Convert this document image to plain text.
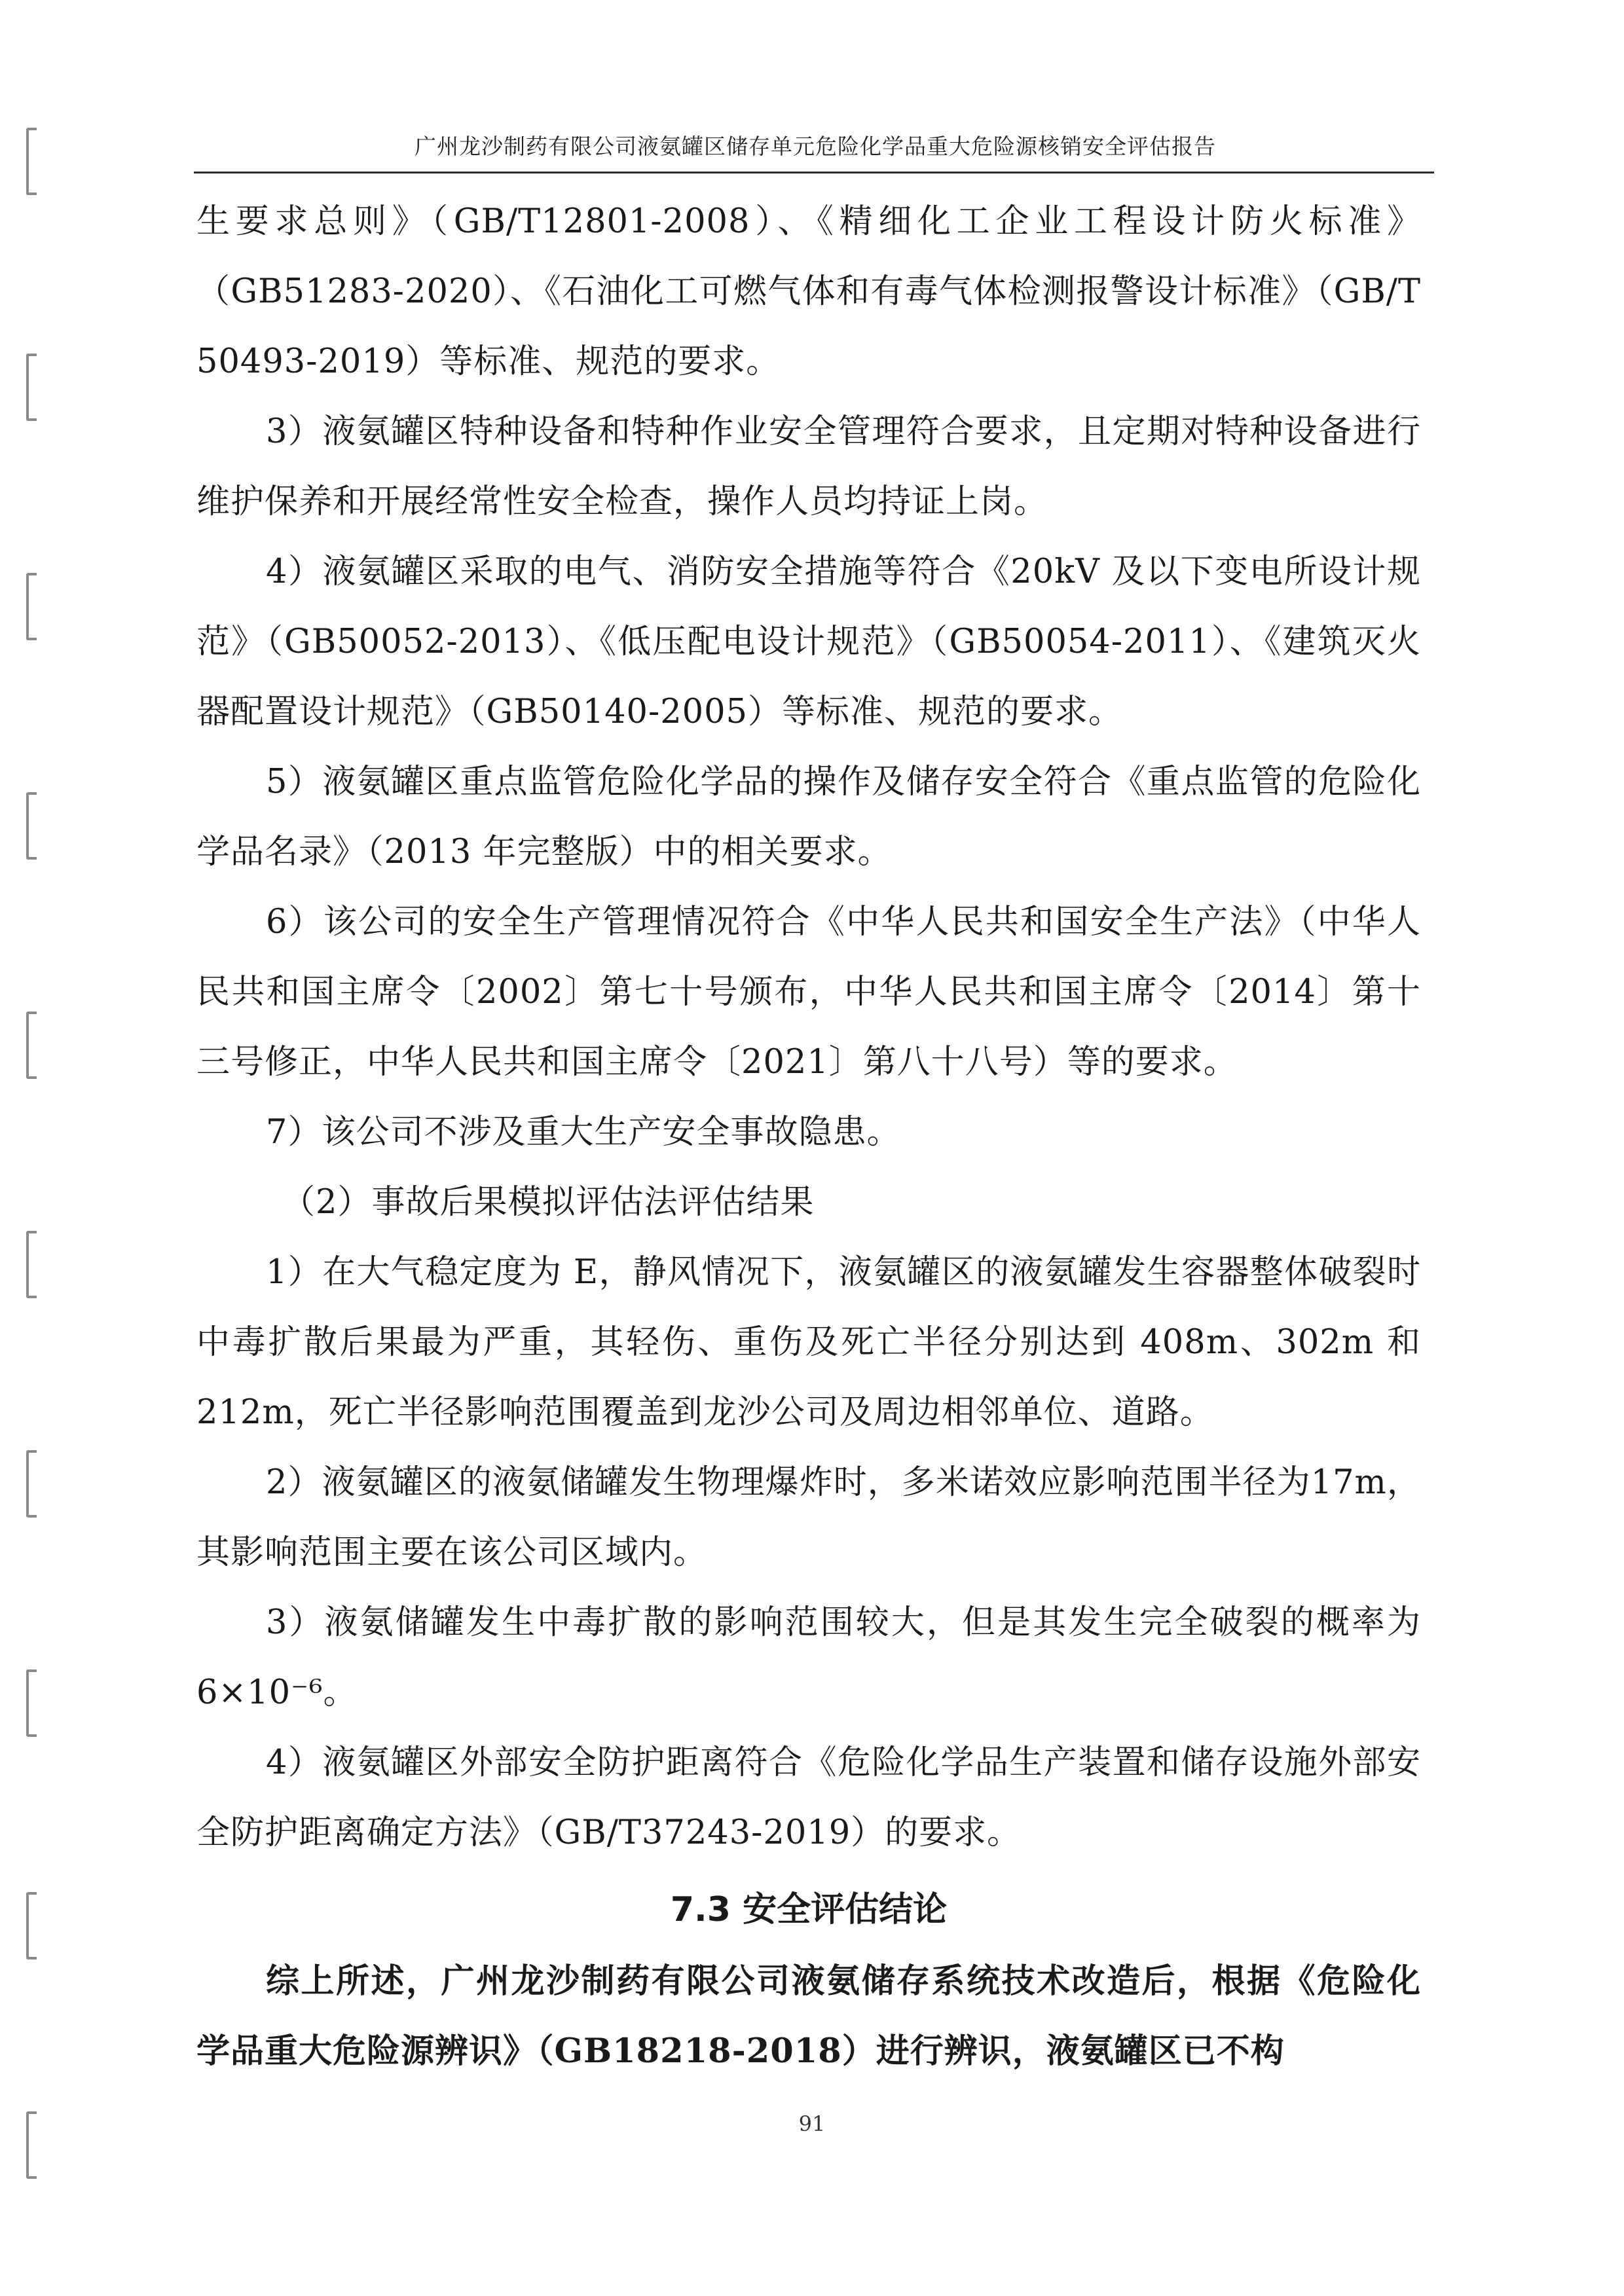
广州龙沙制药有限公司液氨罐区储存单元危险化学品重大危险源核销安全评估报告

生要求总则》（GB/T12801-2008）、《精细化工企业工程设计防火标准》（GB51283-2020）、《石油化工可燃气体和有毒气体检测报警设计标准》（GB/T 50493-2019）等标准、规范的要求。

3）液氨罐区特种设备和特种作业安全管理符合要求，且定期对特种设备进行维护保养和开展经常性安全检查，操作人员均持证上岗。

4）液氨罐区采取的电气、消防安全措施等符合《20kV 及以下变电所设计规范》（GB50052-2013）、《低压配电设计规范》（GB50054-2011）、《建筑灭火器配置设计规范》（GB50140-2005）等标准、规范的要求。

5）液氨罐区重点监管危险化学品的操作及储存安全符合《重点监管的危险化学品名录》（2013 年完整版）中的相关要求。

6）该公司的安全生产管理情况符合《中华人民共和国安全生产法》（中华人民共和国主席令〔2002〕第七十号颁布，中华人民共和国主席令〔2014〕第十三号修正，中华人民共和国主席令〔2021〕第八十八号）等的要求。

7）该公司不涉及重大生产安全事故隐患。

（2）事故后果模拟评估法评估结果

1）在大气稳定度为 E，静风情况下，液氨罐区的液氨罐发生容器整体破裂时中毒扩散后果最为严重，其轻伤、重伤及死亡半径分别达到 408m、302m 和 212m，死亡半径影响范围覆盖到龙沙公司及周边相邻单位、道路。

2）液氨罐区的液氨储罐发生物理爆炸时，多米诺效应影响范围半径为17m，其影响范围主要在该公司区域内。

3）液氨储罐发生中毒扩散的影响范围较大，但是其发生完全破裂的概率为 6×10⁻⁶。

4）液氨罐区外部安全防护距离符合《危险化学品生产装置和储存设施外部安全防护距离确定方法》（GB/T37243-2019）的要求。

7.3 安全评估结论

综上所述，广州龙沙制药有限公司液氨储存系统技术改造后，根据《危险化学品重大危险源辨识》（GB18218-2018）进行辨识，液氨罐区已不构

91
